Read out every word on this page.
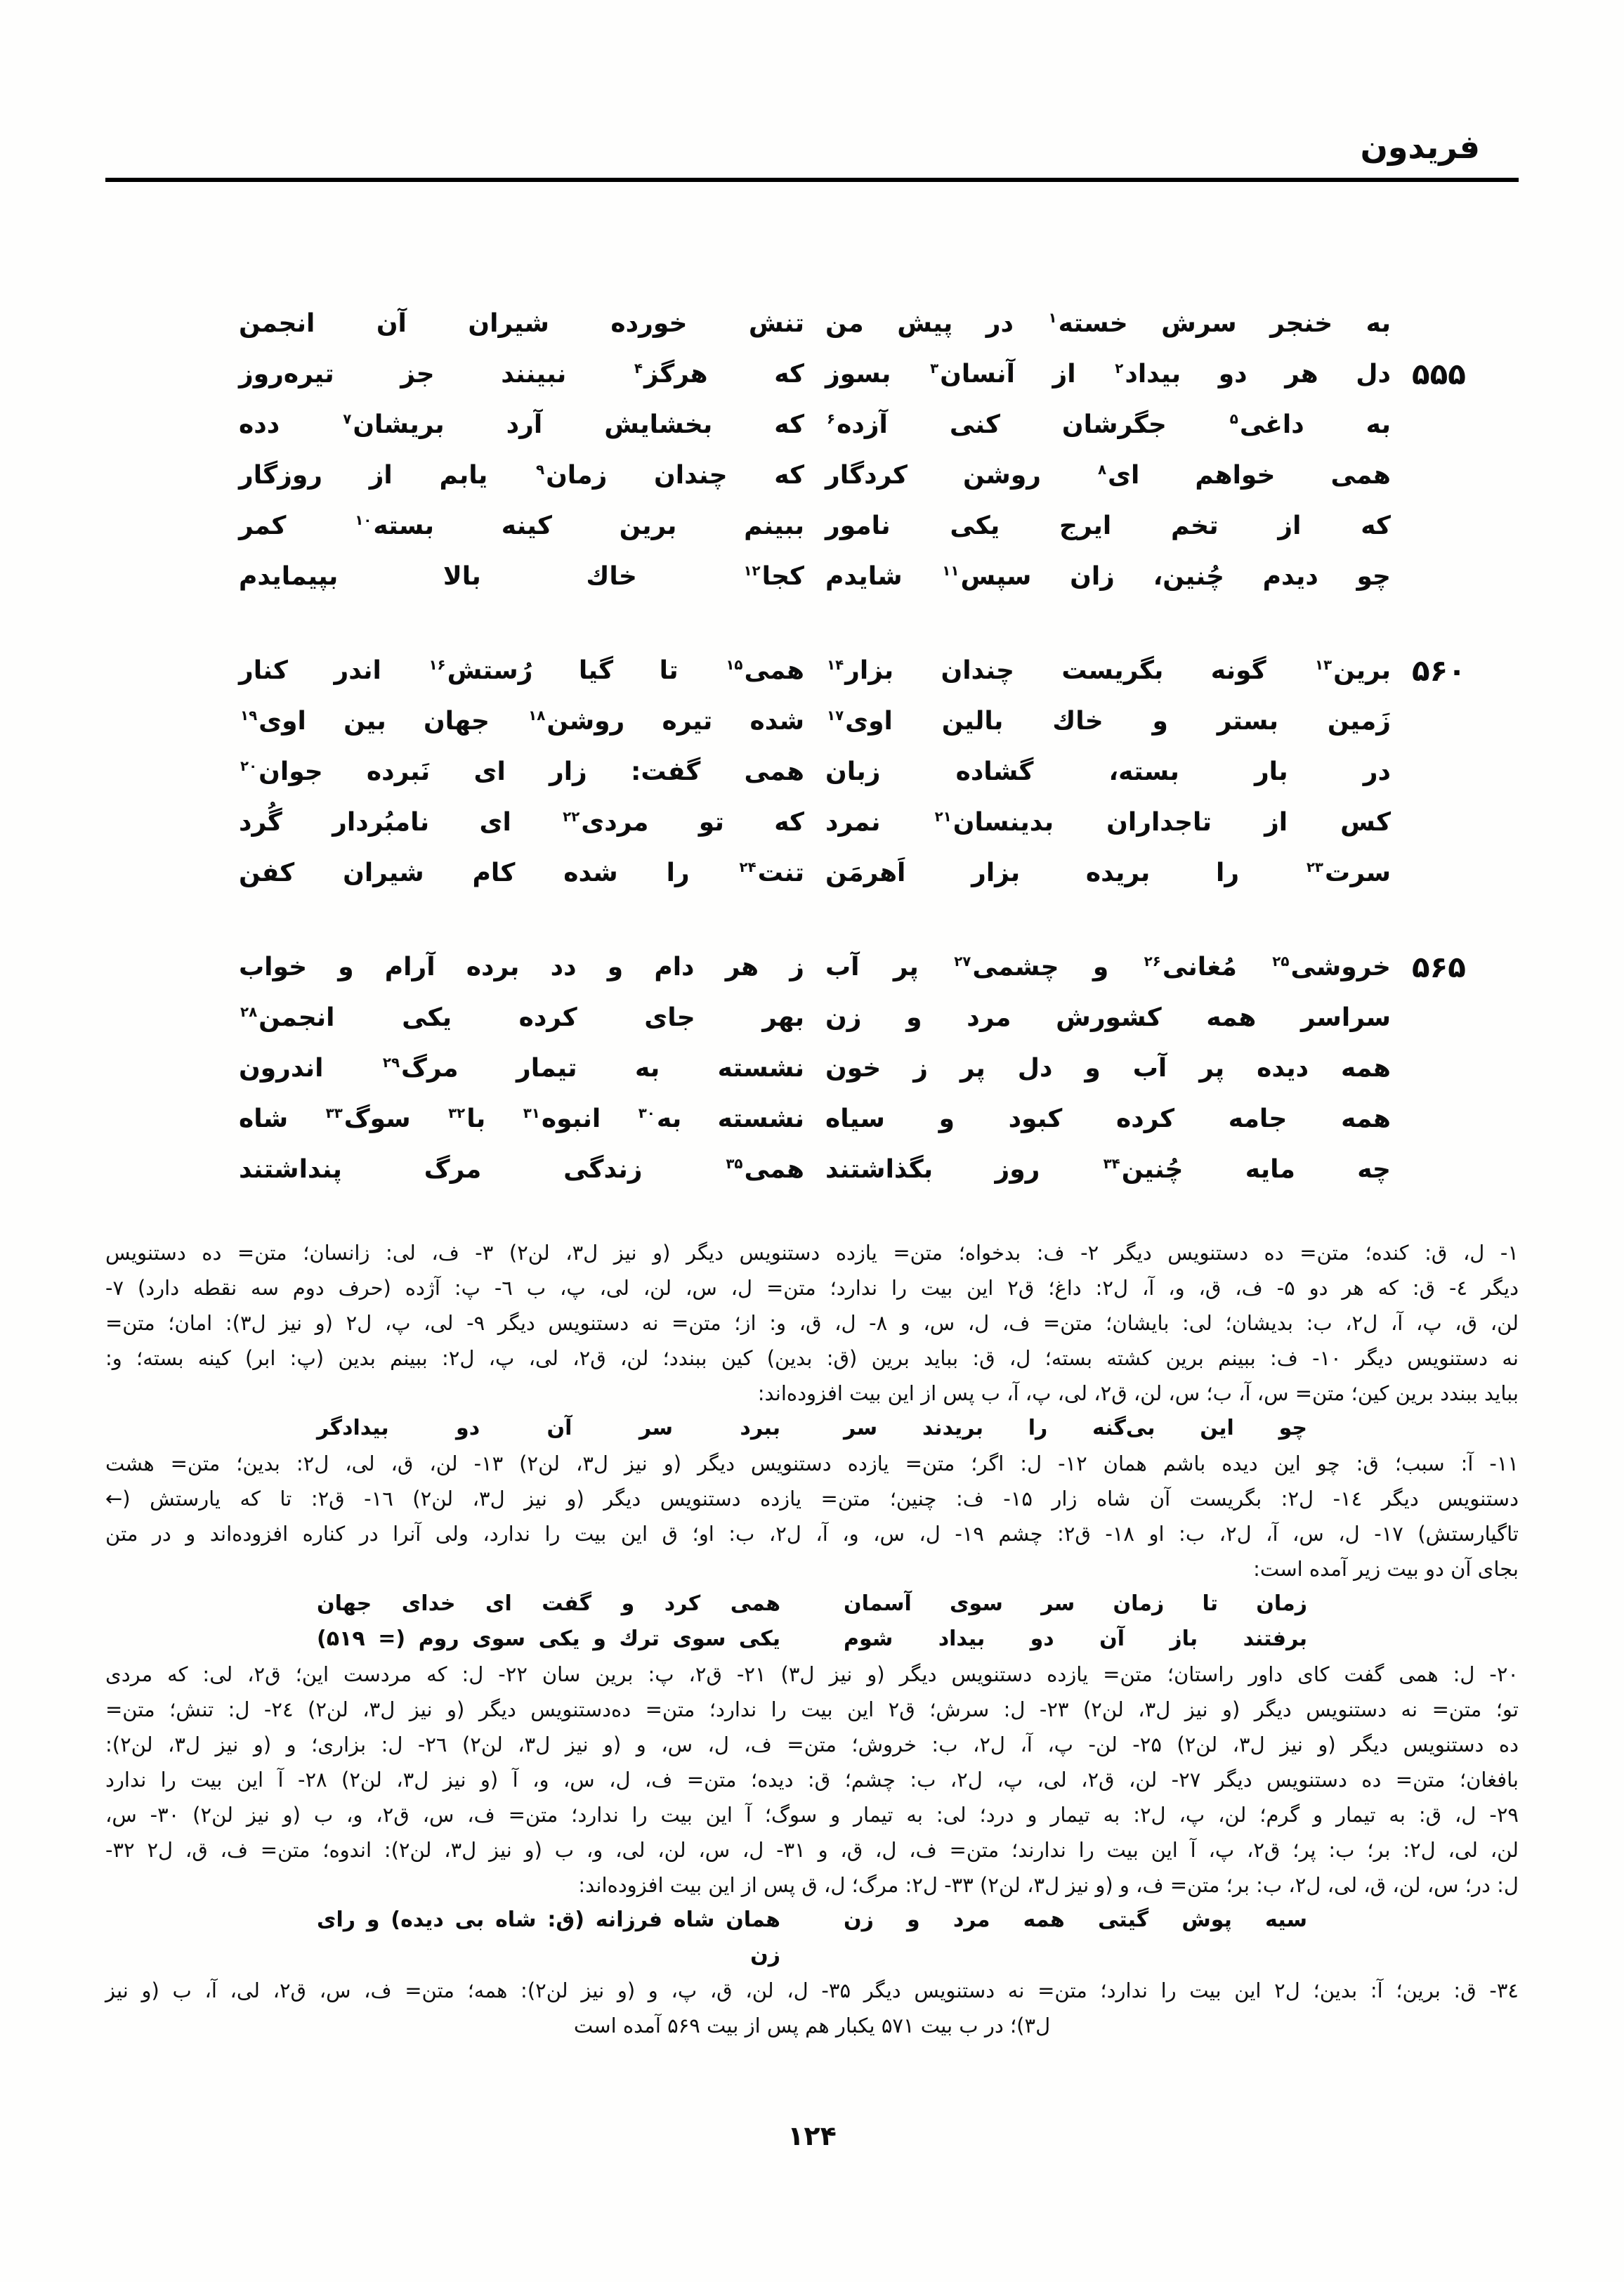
فریدون
به خنجر سرش خسته$^۱$ در پیش من
تنش خورده شیران آن انجمن
۵۵۵
دل هر دو بیداد$^۲$ از آنسان$^۳$ بسوز
که هرگز$^۴$ نبینند جز تیره‌روز
به داغی$^۵$ جگرشان کنی آزده$^۶$
که بخشایش آرد بریشان$^۷$ دده
همی خواهم ای$^۸$ روشن کردگار
که چندان زمان$^۹$ یابم از روزگار
که از تخم ایرج یکی نامور
ببینم برین کینه بسته$^{۱۰}$ کمر
چو دیدم چُنین، زان سپس$^{۱۱}$ شایدم
کجا$^{۱۲}$ خاك بالا بپیمایدم
۵۶۰
برین$^{۱۳}$ گونه بگریست چندان بزار$^{۱۴}$
همی$^{۱۵}$ تا گیا رُستش$^{۱۶}$ اندر کنار
زَمین بستر و خاك بالین اوی$^{۱۷}$
شده تیره روشن$^{۱۸}$ جهان بین اوی$^{۱۹}$
در بار بسته، گشاده زبان
همی گفت: زار ای نَبرده جوان$^{۲۰}$
کس از تاجداران بدینسان$^{۲۱}$ نمرد
که تو مردی$^{۲۲}$ ای نامبُردار گُرد
سرت$^{۲۳}$ را بریده بزار اَهرمَن
تنت$^{۲۴}$ را شده کام شیران کفن
۵۶۵
خروشی$^{۲۵}$ مُغانی$^{۲۶}$ و چشمی$^{۲۷}$ پر آب
ز هر دام و دد برده آرام و خواب
سراسر همه کشورش مرد و زن
بهر جای کرده یکی انجمن$^{۲۸}$
همه دیده پر آب و دل پر ز خون
نشسته به تیمار مرگ$^{۲۹}$ اندرون
همه جامه کرده کبود و سیاه
نشسته به$^{۳۰}$ انبوه$^{۳۱}$ با$^{۳۲}$ سوگ$^{۳۳}$ شاه
چه مایه چُنین$^{۳۴}$ روز بگذاشتند
همی$^{۳۵}$ زندگی مرگ پنداشتند
۱- ل، ق: کنده؛ متن= ده دستنویس دیگر ۲- ف: بدخواه؛ متن= یازده دستنویس دیگر (و نیز ل۳، لن۲) ۳- ف، لی: زانسان؛ متن= ده دستنویس
دیگر ٤- ق: که هر دو ۵- ف، ق، و، آ، ل۲: داغ؛ ق۲ این بیت را ندارد؛ متن= ل، س، لن، لی، پ، ب ٦- پ: آژده (حرف دوم سه نقطه دارد) ۷-
لن، ق، پ، آ، ل۲، ب: بدیشان؛ لی: بایشان؛ متن= ف، ل، س، و ۸- ل، ق، و: از؛ متن= نه دستنویس دیگر ۹- لی، پ، ل۲ (و نیز ل۳): امان؛ متن=
نه دستنویس دیگر ۱۰- ف: ببینم برین کشته بسته؛ ل، ق: بباید برین (ق: بدین) کین ببندد؛ لن، ق۲، لی، پ، ل۲: ببینم بدین (پ: ابر) کینه بسته؛ و:
بباید ببندد برین کین؛ متن= س، آ، ب؛ س، لن، ق۲، لی، پ، آ، ب پس از این بیت افزوده‌اند:
چو این بی‌گنه را بریدند سر
ببرد سر آن دو بیدادگر
۱۱- آ: سبب؛ ق: چو این دیده باشم همان ۱۲- ل: اگر؛ متن= یازده دستنویس دیگر (و نیز ل۳، لن۲) ۱۳- لن، ق، لی، ل۲: بدین؛ متن= هشت
دستنویس دیگر ۱٤- ل۲: بگریست آن شاه زار ۱۵- ف: چنین؛ متن= یازده دستنویس دیگر (و نیز ل۳، لن۲) ۱٦- ق۲: تا که یارستش (←
تاگیارستش) ۱۷- ل، س، آ، ل۲، ب: او ۱۸- ق۲: چشم ۱۹- ل، س، و، آ، ل۲، ب: او؛ ق این بیت را ندارد، ولی آنرا در کناره افزوده‌اند و در متن
بجای آن دو بیت زیر آمده است:
زمان تا زمان سر سوی آسمان
همی کرد و گفت ای خدای جهان
برفتند باز آن دو بیداد شوم
یکی سوی ترك و یکی سوی روم (= ۵۱۹)
۲۰- ل: همی گفت کای داور راستان؛ متن= یازده دستنویس دیگر (و نیز ل۳) ۲۱- ق۲، پ: برین سان ۲۲- ل: که مردست این؛ ق۲، لی: که مردی
تو؛ متن= نه دستنویس دیگر (و نیز ل۳، لن۲) ۲۳- ل: سرش؛ ق۲ این بیت را ندارد؛ متن= ده‌دستنویس دیگر (و نیز ل۳، لن۲) ۲٤- ل: تنش؛ متن=
ده دستنویس دیگر (و نیز ل۳، لن۲) ۲۵- لن- پ، آ، ل۲، ب: خروش؛ متن= ف، ل، س، و (و نیز ل۳، لن۲) ۲٦- ل: بزاری؛ و (و نیز ل۳، لن۲):
بافغان؛ متن= ده دستنویس دیگر ۲۷- لن، ق۲، لی، پ، ل۲، ب: چشم؛ ق: دیده؛ متن= ف، ل، س، و، آ (و نیز ل۳، لن۲) ۲۸- آ این بیت را ندارد
۲۹- ل، ق: به تیمار و گرم؛ لن، پ، ل۲: به تیمار و درد؛ لی: به تیمار و سوگ؛ آ این بیت را ندارد؛ متن= ف، س، ق۲، و، ب (و نیز لن۲) ۳۰- س،
لن، لی، ل۲: بر؛ ب: پر؛ ق۲، پ، آ این بیت را ندارند؛ متن= ف، ل، ق، و ۳۱- ل، س، لن، لی، و، ب (و نیز ل۳، لن۲): اندوه؛ متن= ف، ق، ل۲ ۳۲-
ل: در؛ س، لن، ق، لی، ل۲، ب: بر؛ متن= ف، و (و نیز ل۳، لن۲) ۳۳- ل۲: مرگ؛ ل، ق پس از این بیت افزوده‌اند:
سیه پوش گیتی همه مرد و زن
همان شاه فرزانه (ق: شاه بی دیده) و رای زن
۳٤- ق: برین؛ آ: بدین؛ ل۲ این بیت را ندارد؛ متن= نه دستنویس دیگر ۳۵- ل، لن، ق، پ، و (و نیز لن۲): همه؛ متن= ف، س، ق۲، لی، آ، ب (و نیز
ل۳)؛ در ب بیت ۵۷۱ یکبار هم پس از بیت ۵۶۹ آمده است
۱۲۴
